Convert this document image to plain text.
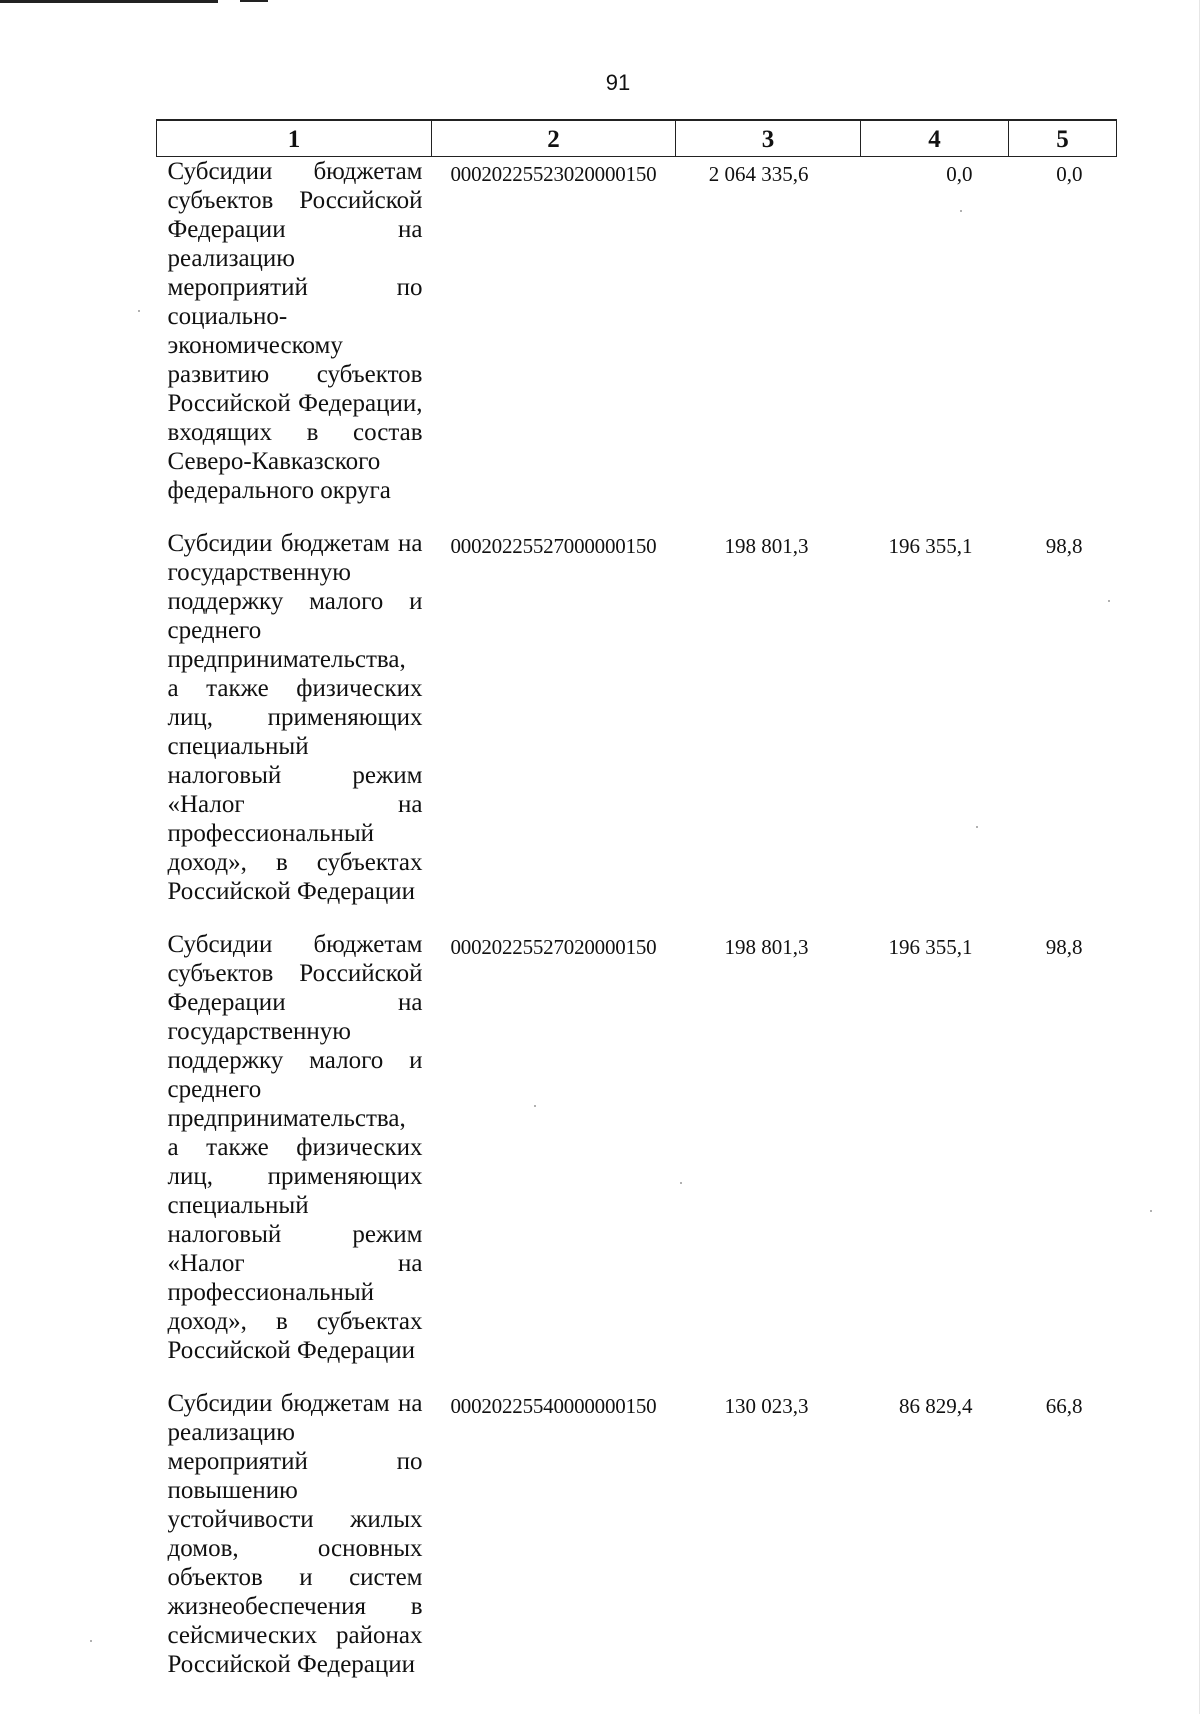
91
1	2	3	4	5
Субсидии бюджетам субъектов Российской Федерации на реализацию мероприятий по социально-экономическому развитию субъектов Российской Федерации, входящих в состав Северо-Кавказского федерального округа	00020225523020000150	2 064 335,6	0,0	0,0
Субсидии бюджетам на государственную поддержку малого и среднего предпринимательства, а также физических лиц, применяющих специальный налоговый режим «Налог на профессиональный доход», в субъектах Российской Федерации	00020225527000000150	198 801,3	196 355,1	98,8
Субсидии бюджетам субъектов Российской Федерации на государственную поддержку малого и среднего предпринимательства, а также физических лиц, применяющих специальный налоговый режим «Налог на профессиональный доход», в субъектах Российской Федерации	00020225527020000150	198 801,3	196 355,1	98,8
Субсидии бюджетам на реализацию мероприятий по повышению устойчивости жилых домов, основных объектов и систем жизнеобеспечения в сейсмических районах Российской Федерации	00020225540000000150	130 023,3	86 829,4	66,8
